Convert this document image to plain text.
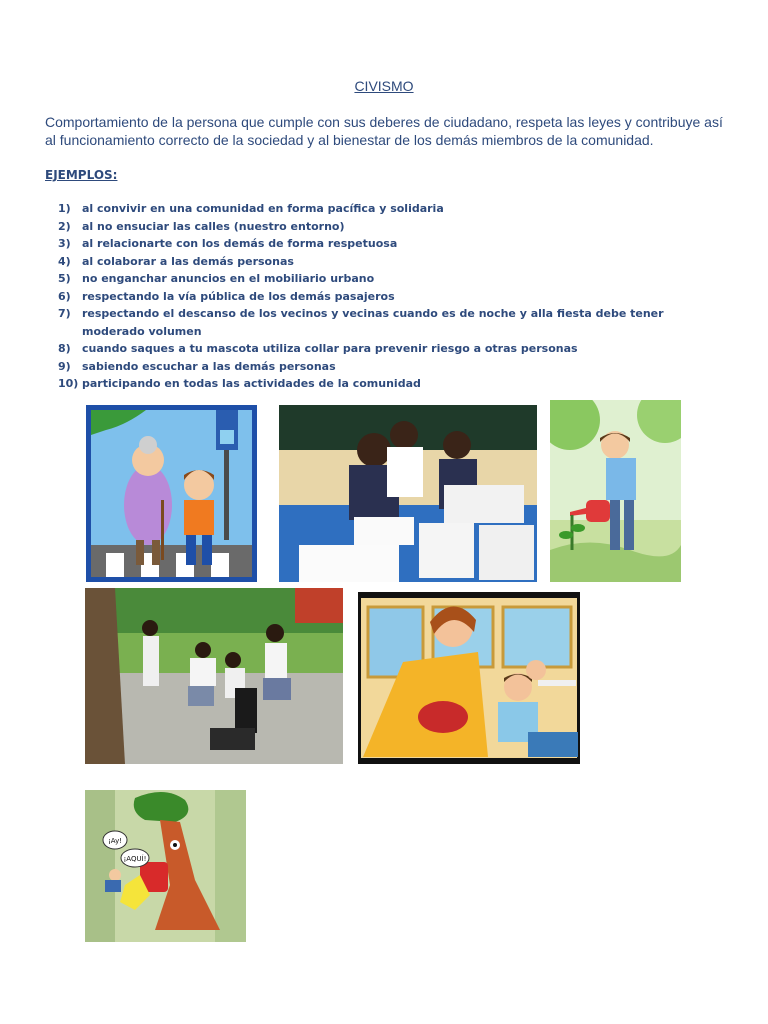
CIVISMO
Comportamiento de la persona que cumple con sus deberes de ciudadano, respeta las leyes y contribuye así al funcionamiento correcto de la sociedad y al bienestar de los demás miembros de la comunidad.
EJEMPLOS:
1)	al convivir en una comunidad en forma pacífica y solidaria
2)	al no ensuciar las calles (nuestro entorno)
3)	al relacionarte con los demás de forma respetuosa
4)	al colaborar a las demás personas
5)	no enganchar anuncios en el mobiliario urbano
6)	respectando la vía pública de los demás pasajeros
7)	respectando el descanso de los vecinos y vecinas cuando es de noche y alla fiesta debe tener moderado volumen
8)	cuando saques a tu mascota utiliza collar para prevenir riesgo a otras personas
9)	sabiendo escuchar a las demás personas
10) participando en todas las actividades de la comunidad
¡Ay!
¡AQUÍ!
